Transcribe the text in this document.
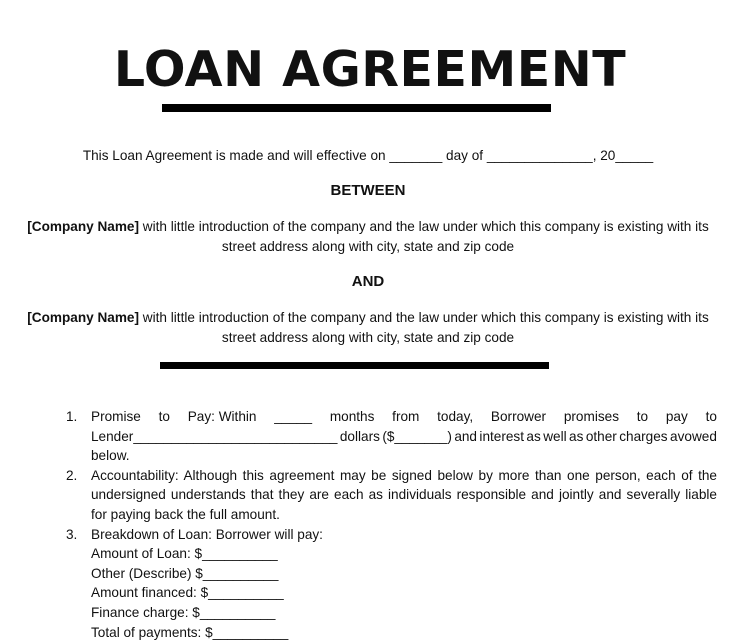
LOAN AGREEMENT
This Loan Agreement is made and will effective on _______ day of ______________, 20_____
BETWEEN
[Company Name] with little introduction of the company and the law under which this company is existing with its
street address along with city, state and zip code
AND
[Company Name] with little introduction of the company and the law under which this company is existing with its
street address along with city, state and zip code
1. Promise to Pay: Within _____ months from today, Borrower promises to pay to
Lender___________________________ dollars ($_______) and interest as well as other charges avowed
below.
2. Accountability: Although this agreement may be signed below by more than one person, each of the undersigned understands that they are each as individuals responsible and jointly and severally liable for paying back the full amount.
3. Breakdown of Loan: Borrower will pay:
Amount of Loan: $__________
Other (Describe) $__________
Amount financed: $__________
Finance charge: $__________
Total of payments: $__________
